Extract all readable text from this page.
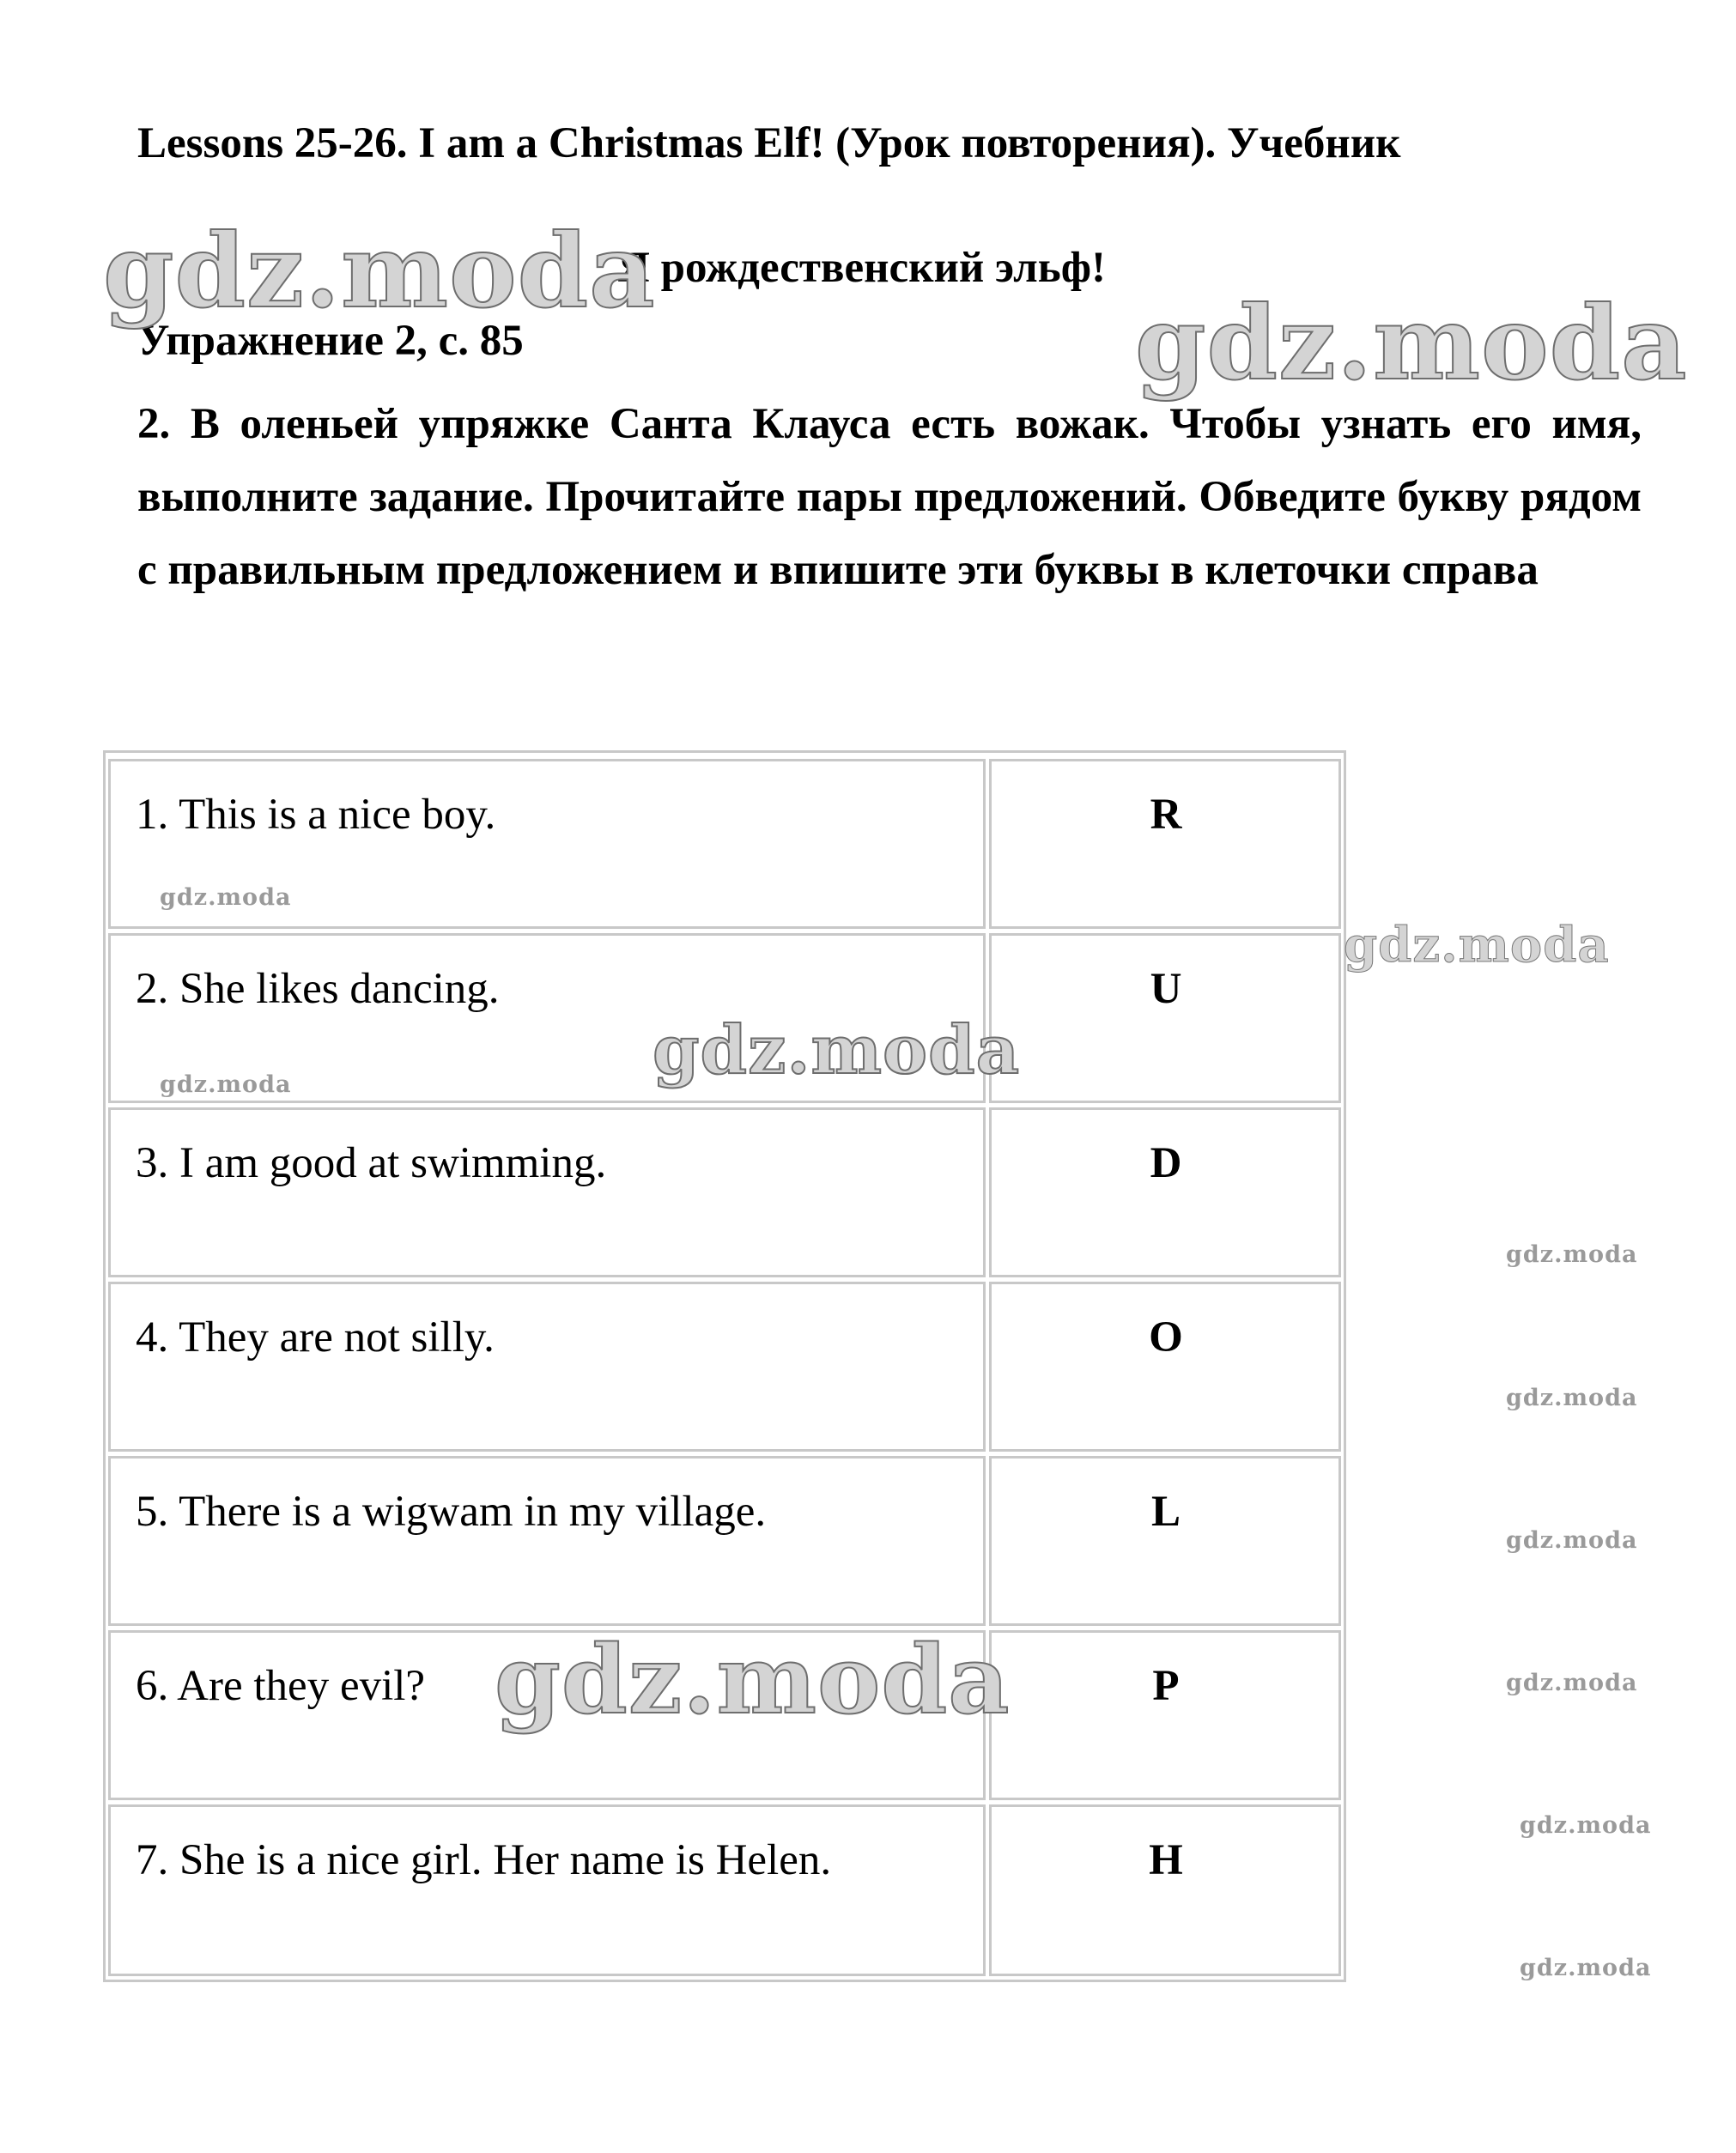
Lessons 25-26. I am a Christmas Elf! (Урок повторения). Учебник
Я рождественский эльф!
Упражнение 2, с. 85
2. В оленьей упряжке Санта Клауса есть вожак. Чтобы узнать его имя, выполните задание. Прочитайте пары предложений. Обведите букву рядом с правильным предложением и впишите эти буквы в клеточки справа
1. This is a nice boy.	R
2. She likes dancing.	U
3. I am good at swimming.	D
4. They are not silly.	O
5. There is a wigwam in my village.	L
6. Are they evil?	P
7. She is a nice girl. Her name is Helen.	H
gdz.moda
gdz.moda
gdz.moda
gdz.moda
gdz.moda	gdz.moda
gdz.moda
gdz.moda
gdz.moda
gdz.moda
gdz.moda
gdz.moda
gdz.moda
